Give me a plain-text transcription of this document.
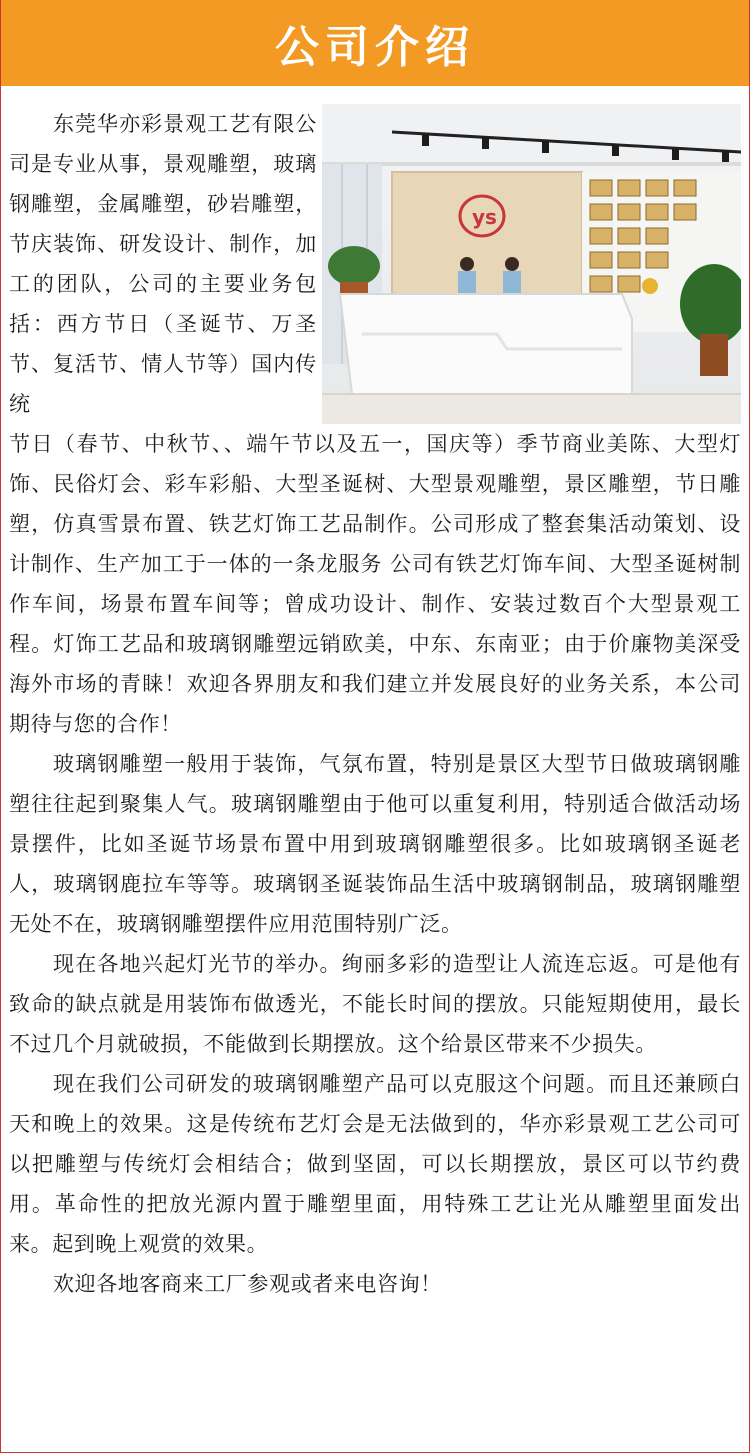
公司介绍

东莞华亦彩景观工艺有限公司是专业从事，景观雕塑，玻璃钢雕塑，金属雕塑，砂岩雕塑，节庆装饰、研发设计、制作，加工的团队，公司的主要业务包括：西方节日（圣诞节、万圣节、复活节、情人节等）国内传统

ys

节日（春节、中秋节、、端午节以及五一，国庆等）季节商业美陈、大型灯饰、民俗灯会、彩车彩船、大型圣诞树、大型景观雕塑，景区雕塑，节日雕塑，仿真雪景布置、铁艺灯饰工艺品制作。公司形成了整套集活动策划、设计制作、生产加工于一体的一条龙服务 公司有铁艺灯饰车间、大型圣诞树制作车间，场景布置车间等；曾成功设计、制作、安装过数百个大型景观工程。灯饰工艺品和玻璃钢雕塑远销欧美，中东、东南亚；由于价廉物美深受海外市场的青睐！欢迎各界朋友和我们建立并发展良好的业务关系，本公司期待与您的合作！

玻璃钢雕塑一般用于装饰，气氛布置，特别是景区大型节日做玻璃钢雕塑往往起到聚集人气。玻璃钢雕塑由于他可以重复利用，特别适合做活动场景摆件，比如圣诞节场景布置中用到玻璃钢雕塑很多。比如玻璃钢圣诞老人，玻璃钢鹿拉车等等。玻璃钢圣诞装饰品生活中玻璃钢制品，玻璃钢雕塑无处不在，玻璃钢雕塑摆件应用范围特别广泛。

现在各地兴起灯光节的举办。绚丽多彩的造型让人流连忘返。可是他有致命的缺点就是用装饰布做透光，不能长时间的摆放。只能短期使用，最长不过几个月就破损，不能做到长期摆放。这个给景区带来不少损失。

现在我们公司研发的玻璃钢雕塑产品可以克服这个问题。而且还兼顾白天和晚上的效果。这是传统布艺灯会是无法做到的，华亦彩景观工艺公司可以把雕塑与传统灯会相结合；做到坚固，可以长期摆放，景区可以节约费用。革命性的把放光源内置于雕塑里面，用特殊工艺让光从雕塑里面发出来。起到晚上观赏的效果。

欢迎各地客商来工厂参观或者来电咨询！
